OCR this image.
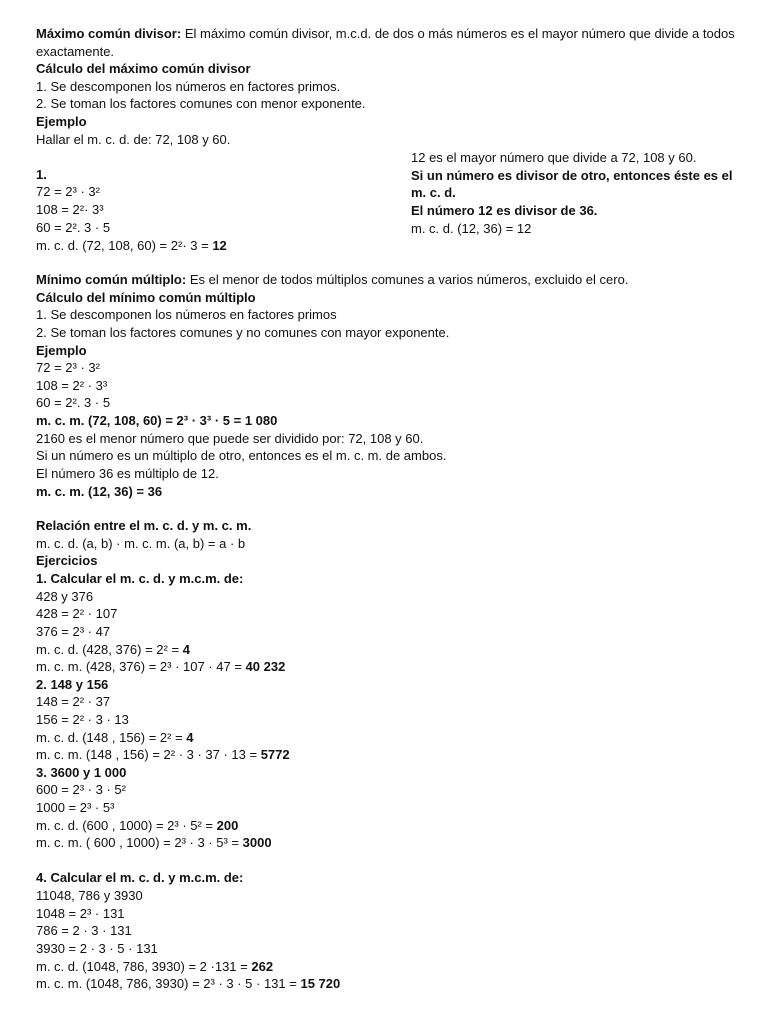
Máximo común divisor: El máximo común divisor, m.c.d. de dos o más números es el mayor número que divide a todos exactamente.
Cálculo del máximo común divisor
1. Se descomponen los números en factores primos.
2. Se toman los factores comunes con menor exponente.
Ejemplo
Hallar el m. c. d. de: 72, 108 y 60.
1.
72 = 2³ · 3²
108 = 2²· 3³
60 = 2². 3 · 5
m. c. d. (72, 108, 60) = 2²· 3 = 12
12 es el mayor número que divide a 72, 108 y 60.
Si un número es divisor de otro, entonces éste es el m. c. d.
El número 12 es divisor de 36.
m. c. d. (12, 36) = 12
Mínimo común múltiplo: Es el menor de todos múltiplos comunes a varios números, excluido el cero.
Cálculo del mínimo común múltiplo
1. Se descomponen los números en factores primos
2. Se toman los factores comunes y no comunes con mayor exponente.
Ejemplo
72 = 2³ · 3²
108 = 2² · 3³
60 = 2². 3 · 5
m. c. m. (72, 108, 60) = 2³ · 3³ · 5 = 1 080
2160 es el menor número que puede ser dividido por: 72, 108 y 60.
Si un número es un múltiplo de otro, entonces es el m. c. m. de ambos.
El número 36 es múltiplo de 12.
m. c. m. (12, 36) = 36
Relación entre el m. c. d. y m. c. m.
m. c. d. (a, b) · m. c. m. (a, b) = a · b
Ejercicios
1. Calcular el m. c. d. y m.c.m. de:
428 y 376
428 = 2² · 107
376 = 2³ · 47
m. c. d. (428, 376) = 2² = 4
m. c. m. (428, 376) = 2³ · 107 · 47 = 40 232
2. 148 y 156
148 = 2² · 37
156 = 2² · 3 · 13
m. c. d. (148 , 156) = 2² = 4
m. c. m. (148 , 156) = 2² · 3 · 37 · 13 = 5772
3. 3600 y 1 000
600 = 2³ · 3 · 5²
1000 = 2³ · 5³
m. c. d. (600 , 1000) = 2³ · 5² = 200
m. c. m. ( 600 , 1000) = 2³ · 3 · 5³ = 3000
4. Calcular el m. c. d. y m.c.m. de:
11048, 786 y 3930
1048 = 2³ · 131
786 = 2 · 3 · 131
3930 = 2 · 3 · 5 · 131
m. c. d. (1048, 786, 3930) = 2 ·131 = 262
m. c. m. (1048, 786, 3930) = 2³ · 3 · 5 · 131 = 15 720
